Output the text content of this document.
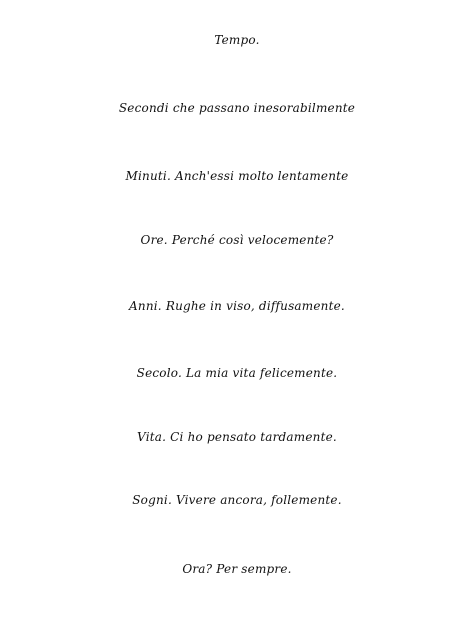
Tempo.
Secondi che passano inesorabilmente
Minuti. Anch'essi molto lentamente
Ore. Perché così velocemente?
Anni. Rughe in viso, diffusamente.
Secolo. La mia vita felicemente.
Vita. Ci ho pensato tardamente.
Sogni. Vivere ancora, follemente.
Ora? Per sempre.
